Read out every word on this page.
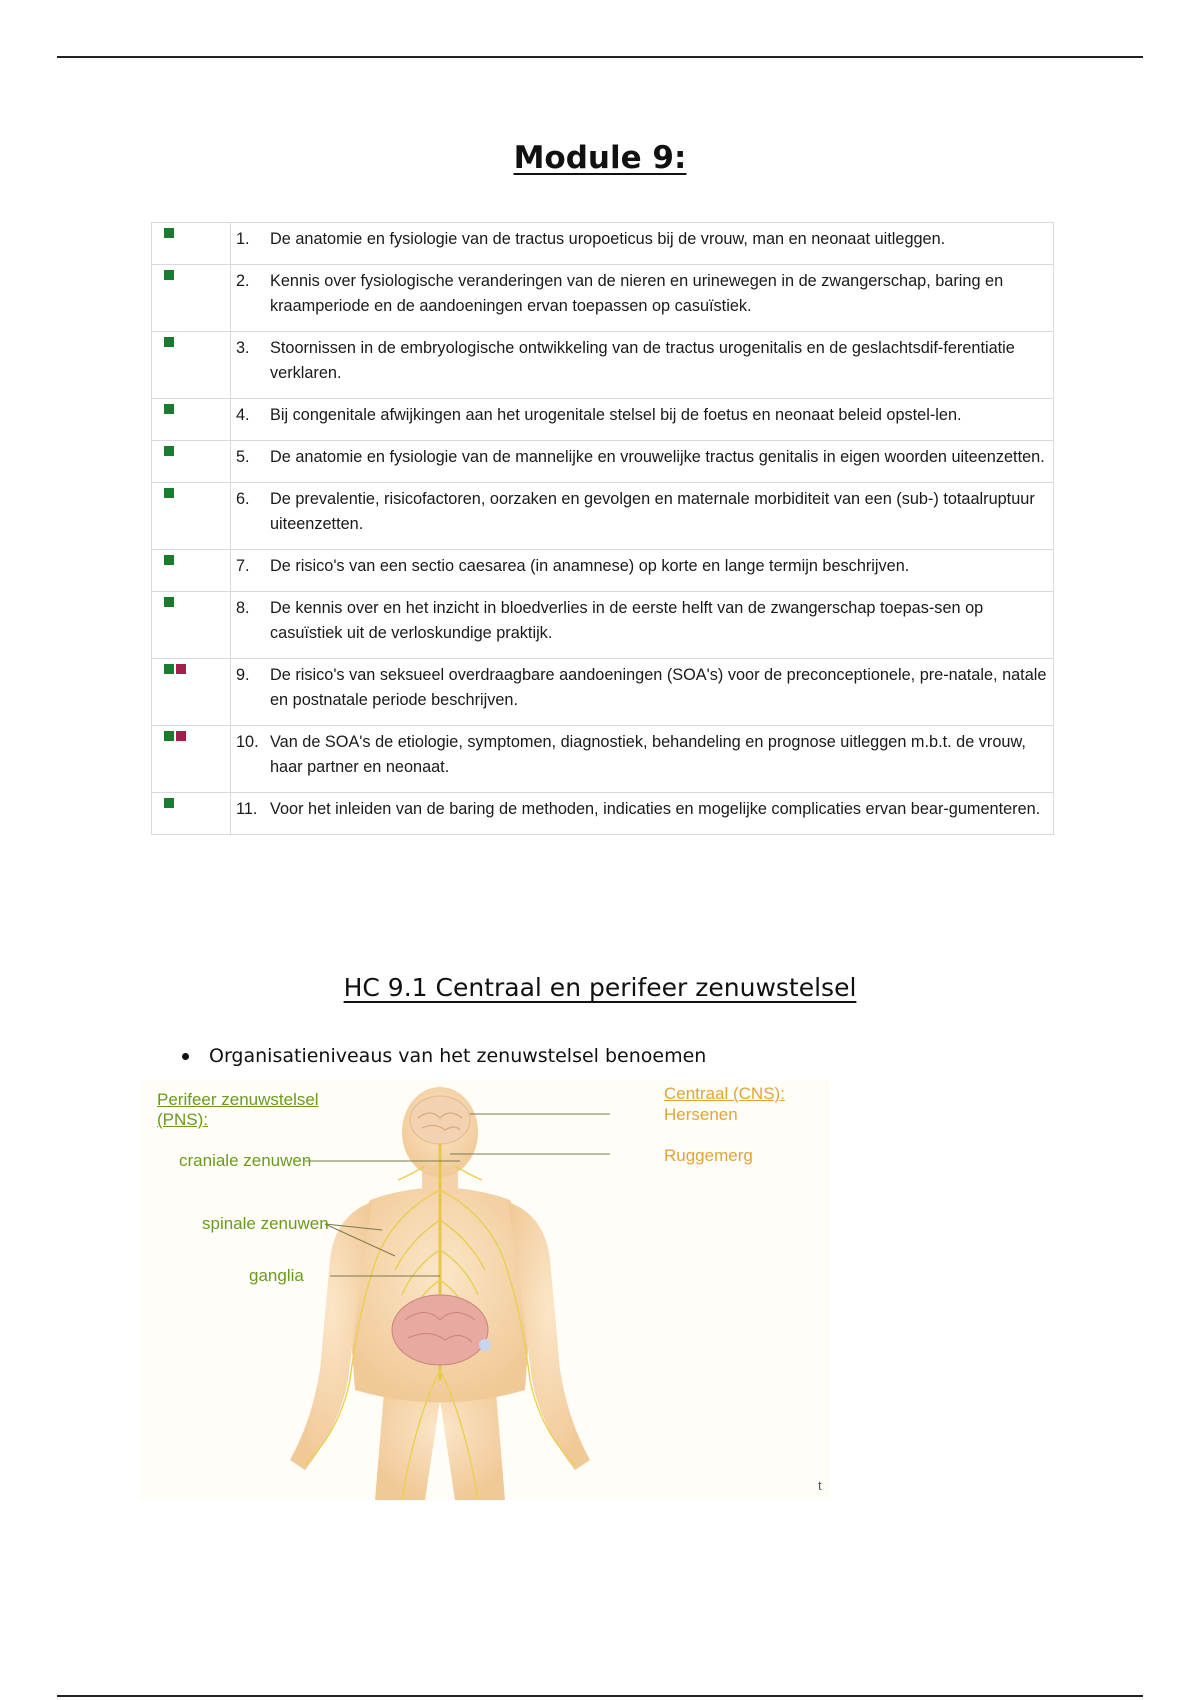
Module 9:

	1. De anatomie en fysiologie van de tractus uropoeticus bij de vrouw, man en neonaat uitleggen.

	2. Kennis over fysiologische veranderingen van de nieren en urinewegen in de zwangerschap, baring en kraamperiode en de aandoeningen ervan toepassen op casuïstiek.

	3. Stoornissen in de embryologische ontwikkeling van de tractus urogenitalis en de geslachtsdif-ferentiatie verklaren.

	4. Bij congenitale afwijkingen aan het urogenitale stelsel bij de foetus en neonaat beleid opstel-len.

	5. De anatomie en fysiologie van de mannelijke en vrouwelijke tractus genitalis in eigen woorden uiteenzetten.

	6. De prevalentie, risicofactoren, oorzaken en gevolgen en maternale morbiditeit van een (sub-) totaalruptuur uiteenzetten.

	7. De risico's van een sectio caesarea (in anamnese) op korte en lange termijn beschrijven.

	8. De kennis over en het inzicht in bloedverlies in de eerste helft van de zwangerschap toepas-sen op casuïstiek uit de verloskundige praktijk.

	9. De risico's van seksueel overdraagbare aandoeningen (SOA's) voor de preconceptionele, pre-natale, natale en postnatale periode beschrijven.

	10. Van de SOA's de etiologie, symptomen, diagnostiek, behandeling en prognose uitleggen m.b.t. de vrouw, haar partner en neonaat.

	11. Voor het inleiden van de baring de methoden, indicaties en mogelijke complicaties ervan bear-gumenteren.
HC 9.1 Centraal en perifeer zenuwstelsel
Organisatieniveaus van het zenuwstelsel benoemen
Perifeer zenuwstelsel
(PNS):
craniale zenuwen
spinale zenuwen
ganglia
Centraal (CNS):
Hersenen
Ruggemerg
t
